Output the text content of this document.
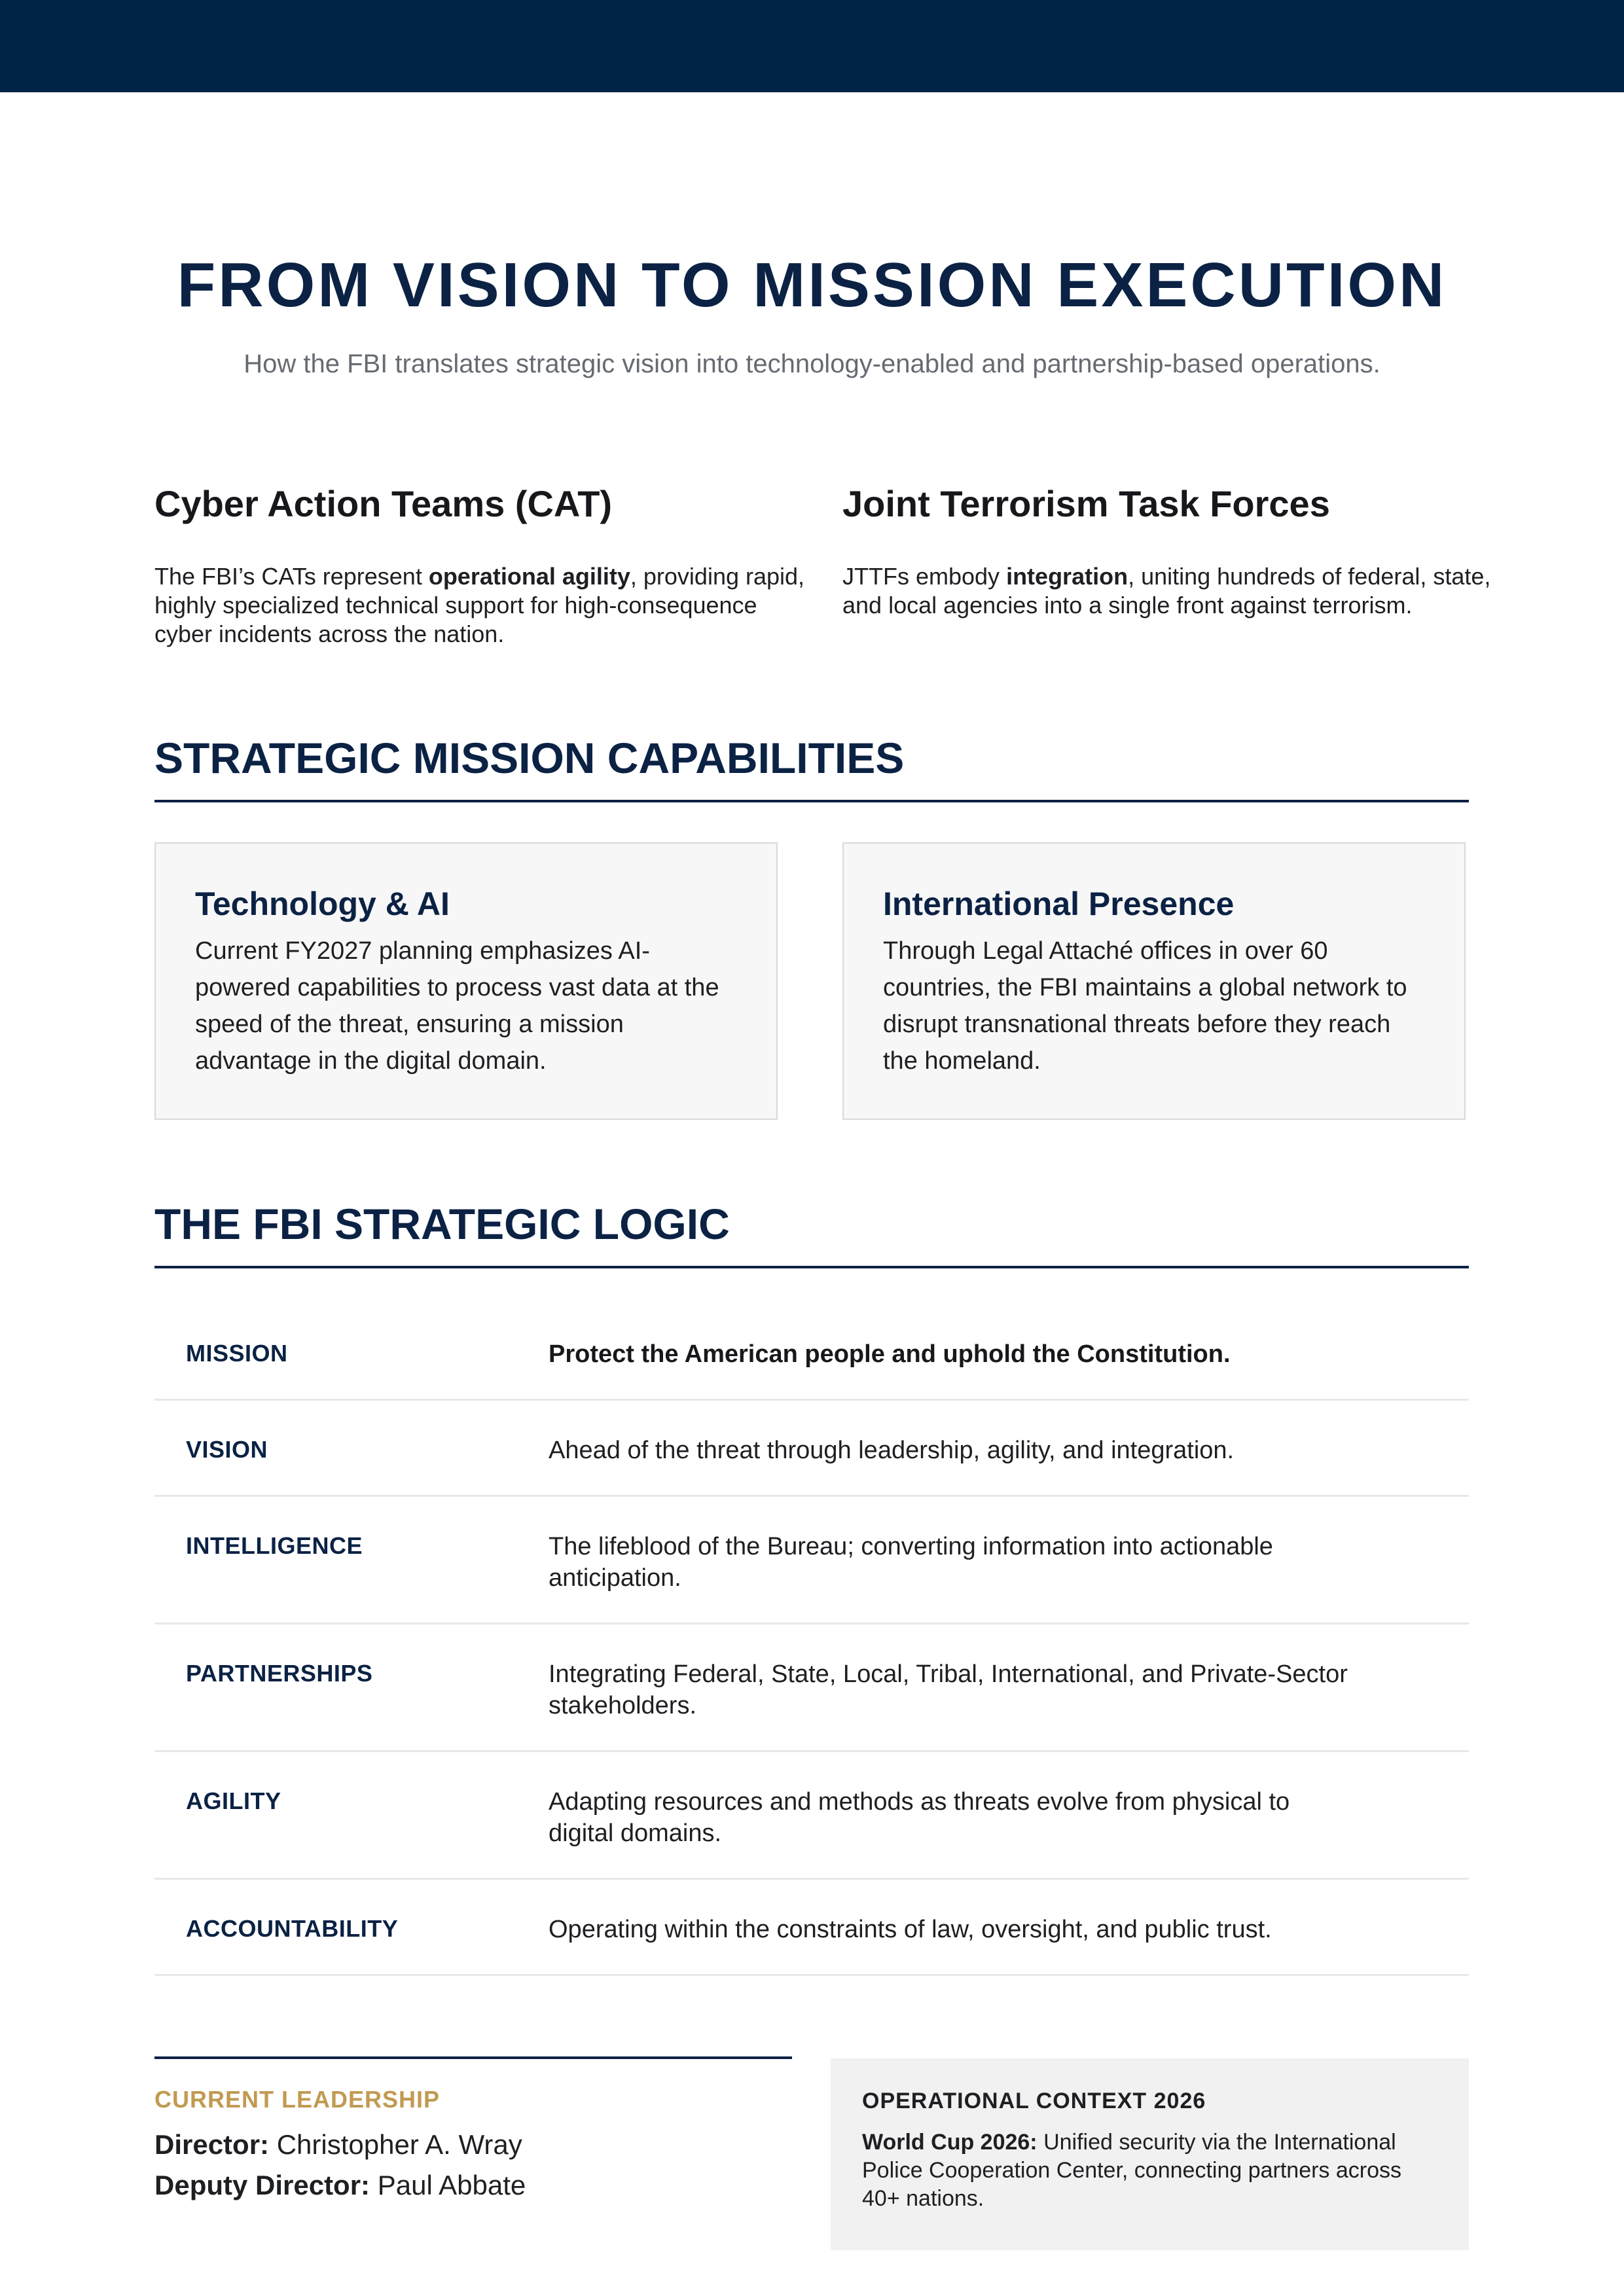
FROM VISION TO MISSION EXECUTION

How the FBI translates strategic vision into technology-enabled and partnership-based operations.

Cyber Action Teams (CAT)

The FBI’s CATs represent operational agility, providing rapid, highly specialized technical support for high-consequence cyber incidents across the nation.

Joint Terrorism Task Forces

JTTFs embody integration, uniting hundreds of federal, state, and local agencies into a single front against terrorism.

STRATEGIC MISSION CAPABILITIES
Technology & AI

Current FY2027 planning emphasizes AI-powered capabilities to process vast data at the speed of the threat, ensuring a mission advantage in the digital domain.

International Presence

Through Legal Attaché offices in over 60 countries, the FBI maintains a global network to disrupt transnational threats before they reach the homeland.

THE FBI STRATEGIC LOGIC
MISSION	Protect the American people and uphold the Constitution.
VISION	Ahead of the threat through leadership, agility, and integration.
INTELLIGENCE	The lifeblood of the Bureau; converting information into actionable anticipation.
PARTNERSHIPS	Integrating Federal, State, Local, Tribal, International, and Private-Sector stakeholders.
AGILITY	Adapting resources and methods as threats evolve from physical to digital domains.
ACCOUNTABILITY	Operating within the constraints of law, oversight, and public trust.

CURRENT LEADERSHIP

Director: Christopher A. Wray

Deputy Director: Paul Abbate

OPERATIONAL CONTEXT 2026

World Cup 2026: Unified security via the International Police Cooperation Center, connecting partners across 40+ nations.
